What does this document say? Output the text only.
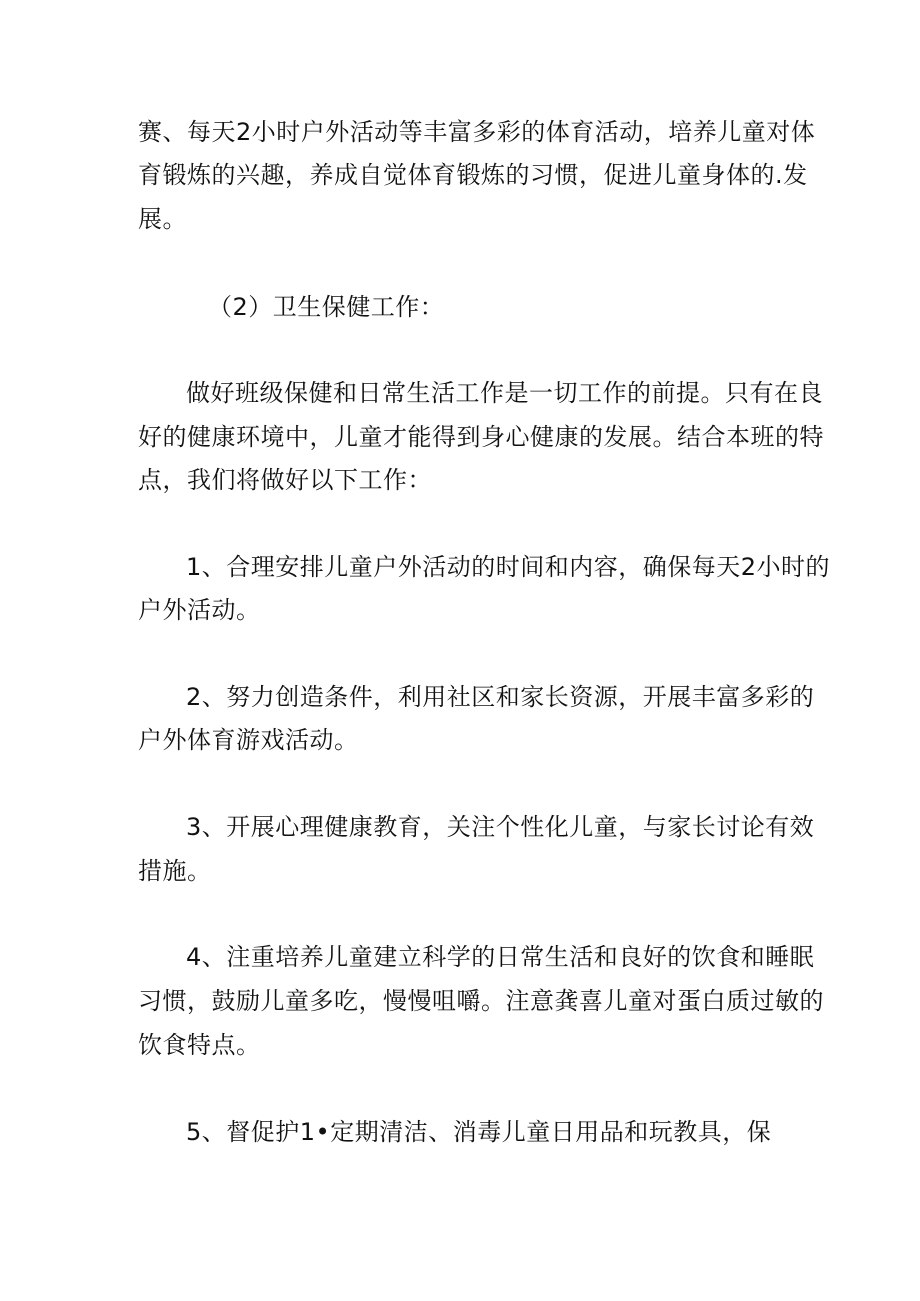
赛、每天2小时户外活动等丰富多彩的体育活动，培养儿童对体
育锻炼的兴趣，养成自觉体育锻炼的习惯，促进儿童身体的.发
展。
（2）卫生保健工作：
做好班级保健和日常生活工作是一切工作的前提。只有在良
好的健康环境中，儿童才能得到身心健康的发展。结合本班的特
点，我们将做好以下工作：
1、合理安排儿童户外活动的时间和内容，确保每天2小时的
户外活动。
2、努力创造条件，利用社区和家长资源，开展丰富多彩的
户外体育游戏活动。
3、开展心理健康教育，关注个性化儿童，与家长讨论有效
措施。
4、注重培养儿童建立科学的日常生活和良好的饮食和睡眠
习惯，鼓励儿童多吃，慢慢咀嚼。注意龚喜儿童对蛋白质过敏的
饮食特点。
5、督促护1•定期清洁、消毒儿童日用品和玩教具，保
